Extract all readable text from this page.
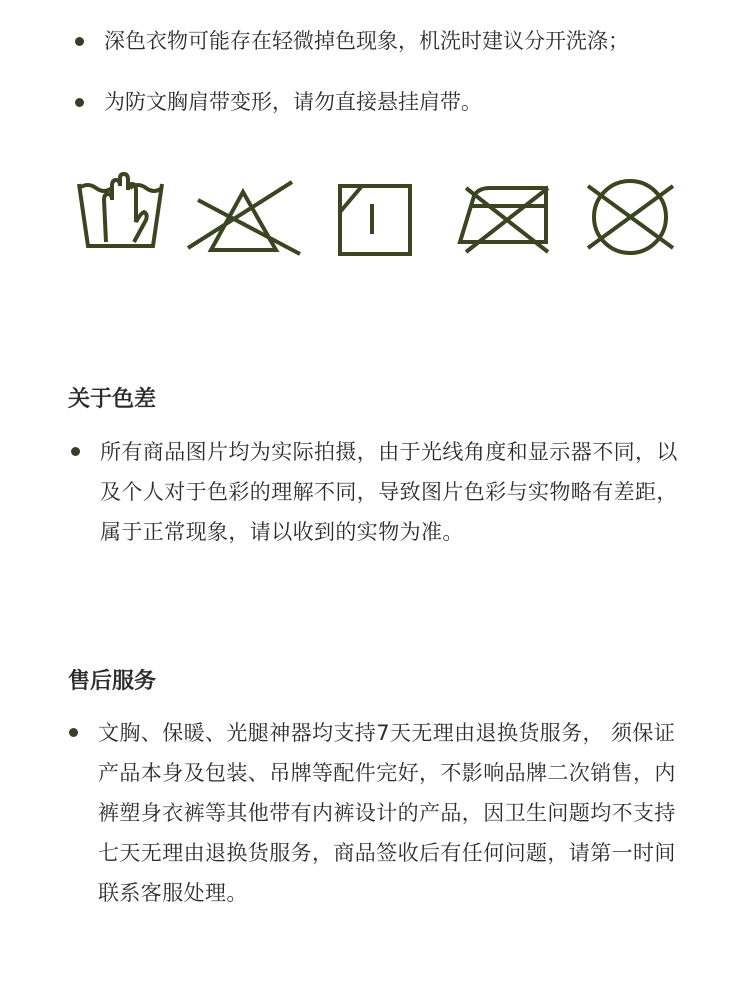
深色衣物可能存在轻微掉色现象，机洗时建议分开洗涤；
为防文胸肩带变形，请勿直接悬挂肩带。
关于色差
所有商品图片均为实际拍摄，由于光线角度和显示器不同，以及个人对于色彩的理解不同，导致图片色彩与实物略有差距，属于正常现象，请以收到的实物为准。
售后服务
文胸、保暖、光腿神器均支持7天无理由退换货服务， 须保证产品本身及包装、吊牌等配件完好，不影响品牌二次销售，内裤塑身衣裤等其他带有内裤设计的产品，因卫生问题均不支持七天无理由退换货服务，商品签收后有任何问题，请第一时间联系客服处理。
